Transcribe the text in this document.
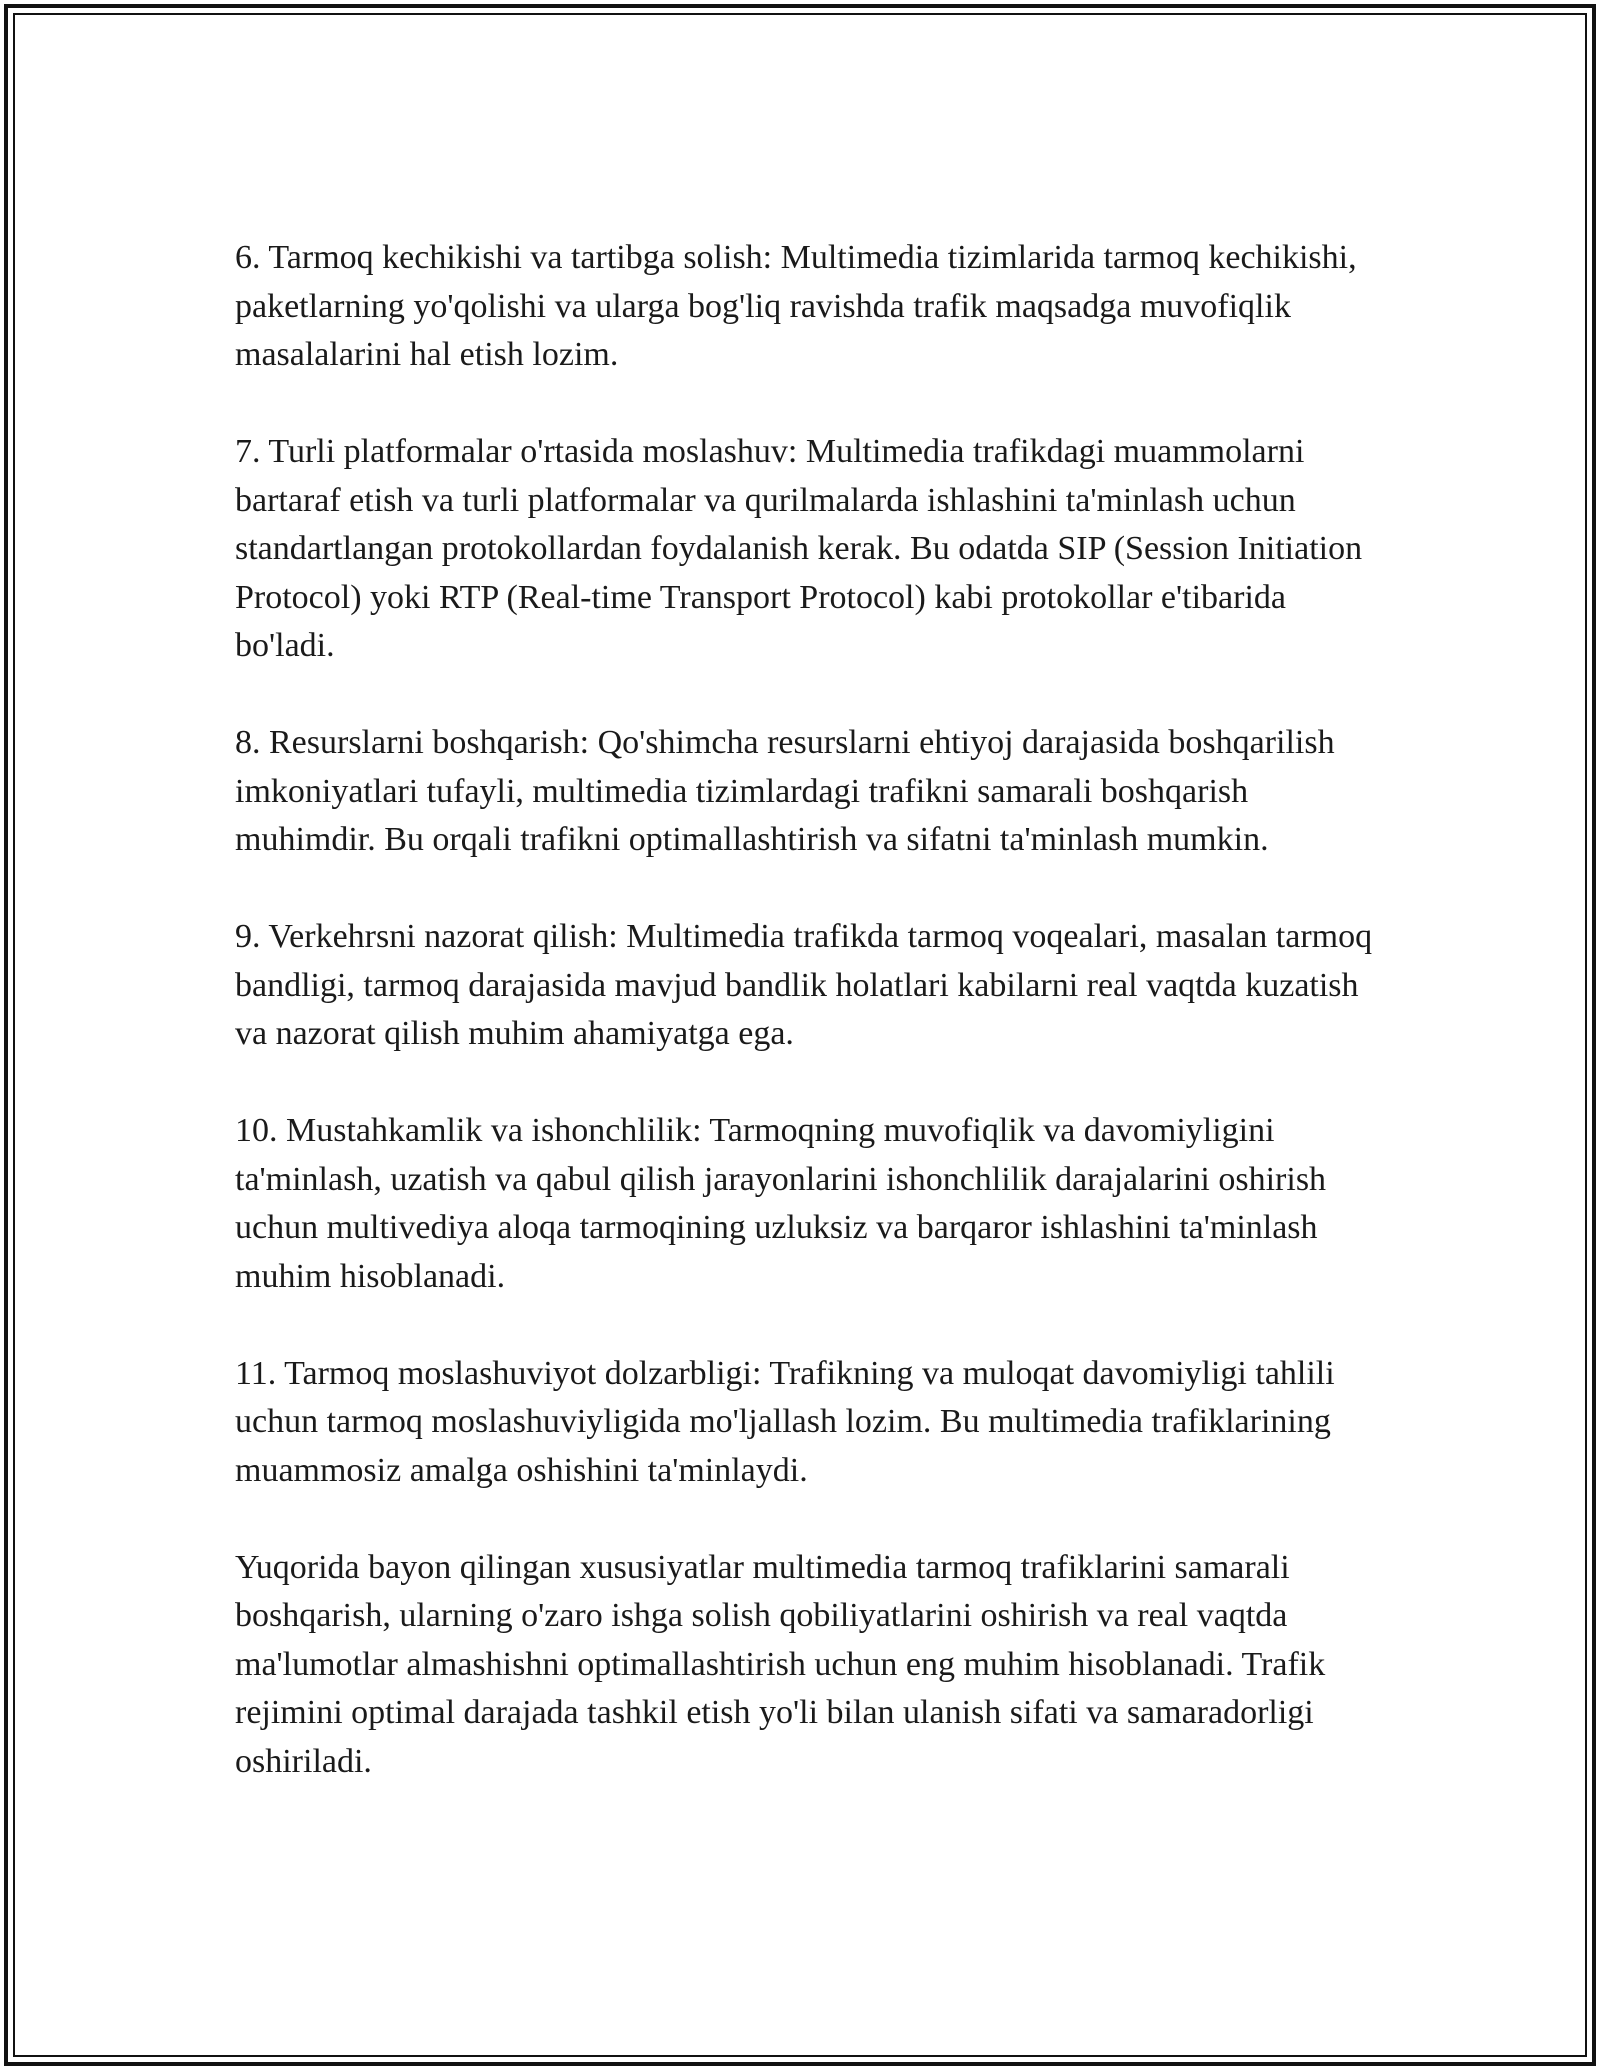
6. Tarmoq kechikishi va tartibga solish: Multimedia tizimlarida tarmoq kechikishi, paketlarning yo'qolishi va ularga bog'liq ravishda trafik maqsadga muvofiqlik masalalarini hal etish lozim.

7. Turli platformalar o'rtasida moslashuv: Multimedia trafikdagi muammolarni bartaraf etish va turli platformalar va qurilmalarda ishlashini ta'minlash uchun standartlangan protokollardan foydalanish kerak. Bu odatda SIP (Session Initiation Protocol) yoki RTP (Real-time Transport Protocol) kabi protokollar e'tibarida bo'ladi.

8. Resurslarni boshqarish: Qo'shimcha resurslarni ehtiyoj darajasida boshqarilish imkoniyatlari tufayli, multimedia tizimlardagi trafikni samarali boshqarish muhimdir. Bu orqali trafikni optimallashtirish va sifatni ta'minlash mumkin.

9. Verkehrsni nazorat qilish: Multimedia trafikda tarmoq voqealari, masalan tarmoq bandligi, tarmoq darajasida mavjud bandlik holatlari kabilarni real vaqtda kuzatish va nazorat qilish muhim ahamiyatga ega.

10. Mustahkamlik va ishonchlilik: Tarmoqning muvofiqlik va davomiyligini ta'minlash, uzatish va qabul qilish jarayonlarini ishonchlilik darajalarini oshirish uchun multivediya aloqa tarmoqining uzluksiz va barqaror ishlashini ta'minlash muhim hisoblanadi.

11. Tarmoq moslashuviyot dolzarbligi: Trafikning va muloqat davomiyligi tahlili uchun tarmoq moslashuviyligida mo'ljallash lozim. Bu multimedia trafiklarining muammosiz amalga oshishini ta'minlaydi.

Yuqorida bayon qilingan xususiyatlar multimedia tarmoq trafiklarini samarali boshqarish, ularning o'zaro ishga solish qobiliyatlarini oshirish va real vaqtda ma'lumotlar almashishni optimallashtirish uchun eng muhim hisoblanadi. Trafik rejimini optimal darajada tashkil etish yo'li bilan ulanish sifati va samaradorligi oshiriladi.
